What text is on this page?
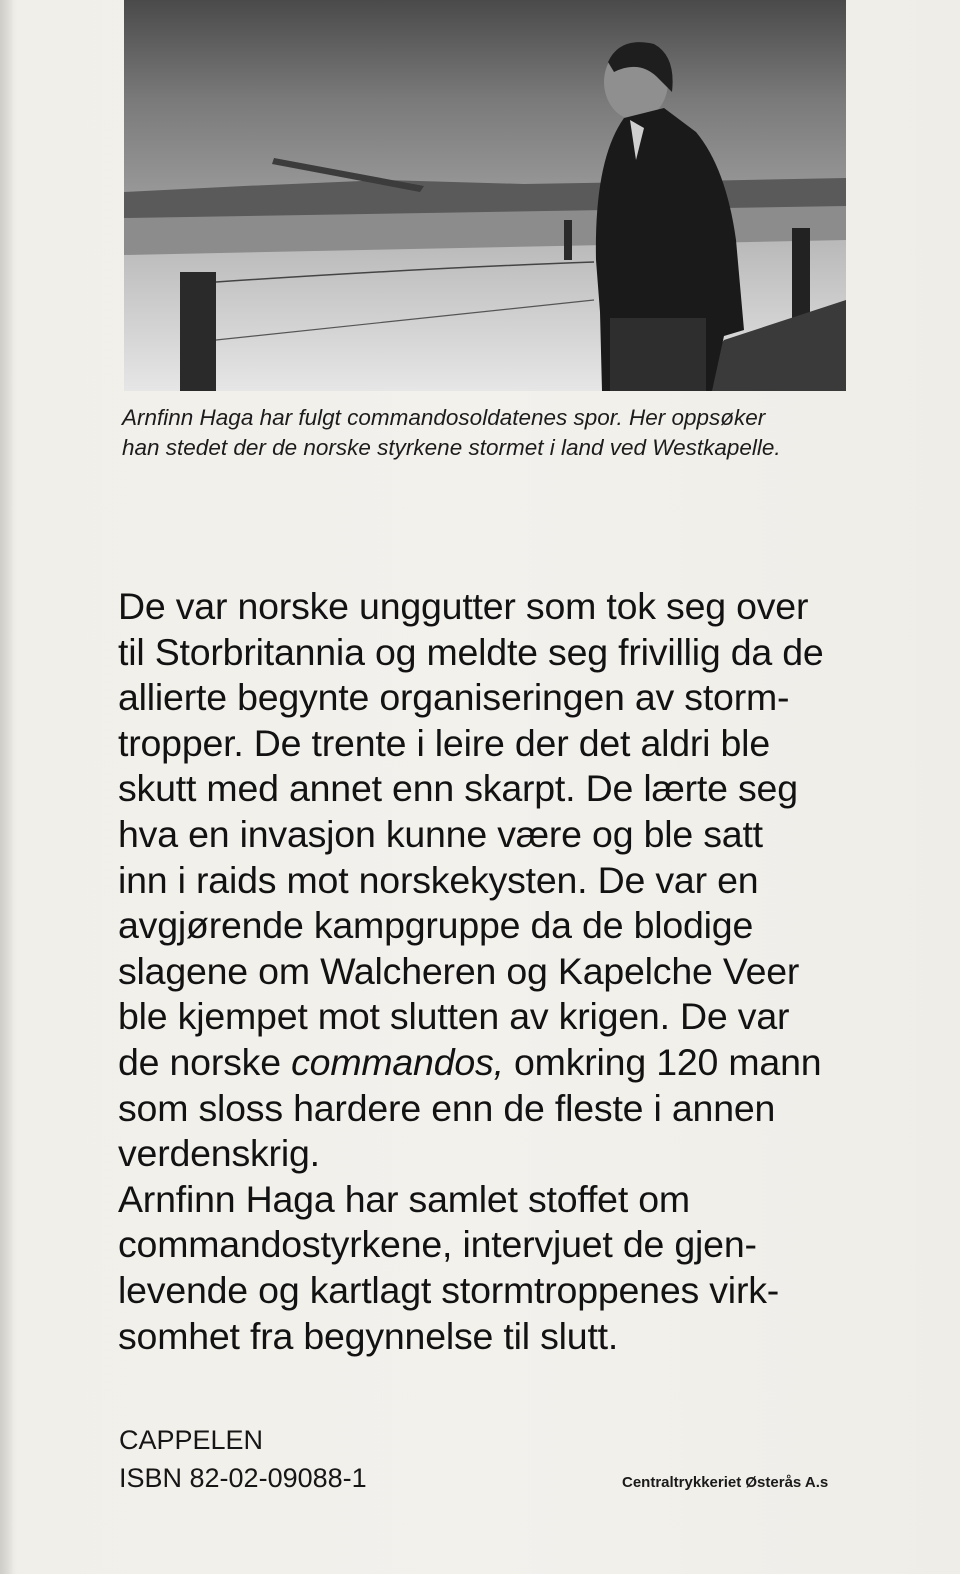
Arnfinn Haga har fulgt commandosoldatenes spor. Her oppsøker
han stedet der de norske styrkene stormet i land ved Westkapelle.

De var norske unggutter som tok seg over
til Storbritannia og meldte seg frivillig da de
allierte begynte organiseringen av storm-
tropper. De trente i leire der det aldri ble
skutt med annet enn skarpt. De lærte seg
hva en invasjon kunne være og ble satt
inn i raids mot norskekysten. De var en
avgjørende kampgruppe da de blodige
slagene om Walcheren og Kapelche Veer
ble kjempet mot slutten av krigen. De var
de norske commandos, omkring 120 mann
som sloss hardere enn de fleste i annen
verdenskrig.
Arnfinn Haga har samlet stoffet om
commandostyrkene, intervjuet de gjen-
levende og kartlagt stormtroppenes virk-
somhet fra begynnelse til slutt.

CAPPELEN

ISBN 82-02-09088-1	Centraltrykkeriet Østerås A.s
